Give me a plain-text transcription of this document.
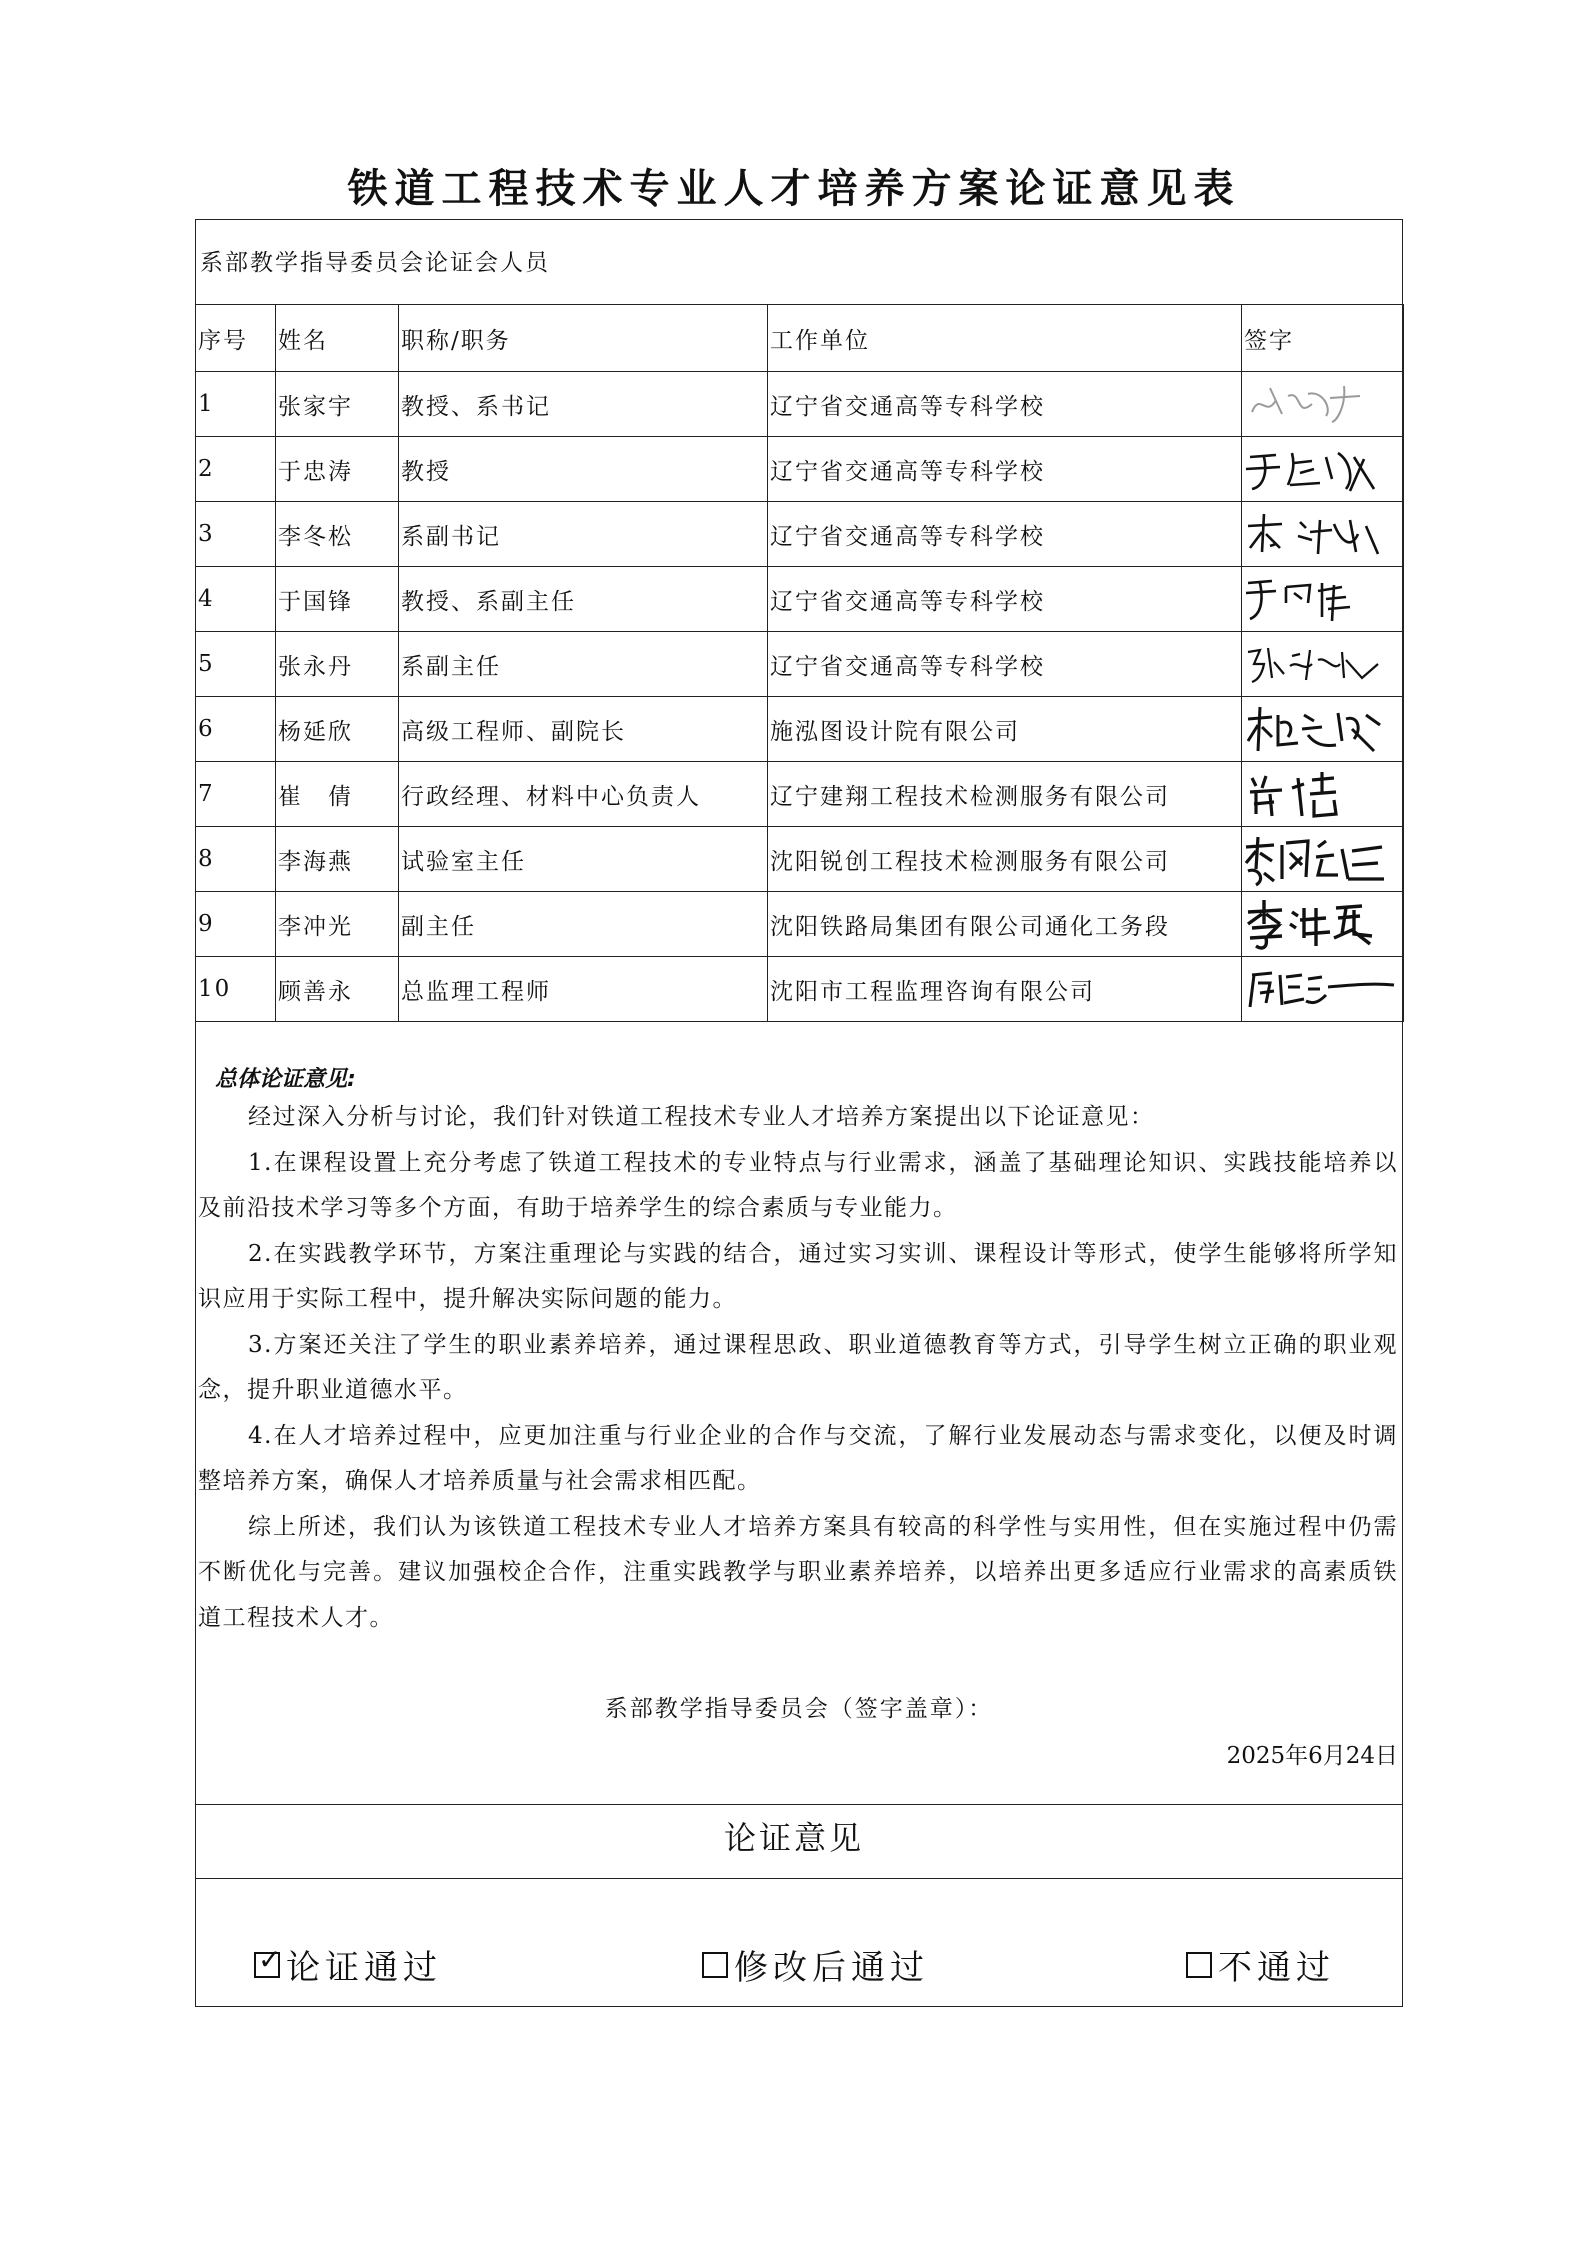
铁道工程技术专业人才培养方案论证意见表
系部教学指导委员会论证会人员
序号	姓名	职称/职务	工作单位	签字
1	张家宇	教授、系书记	辽宁省交通高等专科学校	

2	于忠涛	教授	辽宁省交通高等专科学校	

3	李冬松	系副书记	辽宁省交通高等专科学校	

4	于国锋	教授、系副主任	辽宁省交通高等专科学校	

5	张永丹	系副主任	辽宁省交通高等专科学校	

6	杨延欣	高级工程师、副院长	施泓图设计院有限公司	

7	崔　倩	行政经理、材料中心负责人	辽宁建翔工程技术检测服务有限公司	

8	李海燕	试验室主任	沈阳锐创工程技术检测服务有限公司	

9	李冲光	副主任	沈阳铁路局集团有限公司通化工务段	

10	顾善永	总监理工程师	沈阳市工程监理咨询有限公司	
总体论证意见:

经过深入分析与讨论，我们针对铁道工程技术专业人才培养方案提出以下论证意见：

1.在课程设置上充分考虑了铁道工程技术的专业特点与行业需求，涵盖了基础理论知识、实践技能培养以及前沿技术学习等多个方面，有助于培养学生的综合素质与专业能力。

2.在实践教学环节，方案注重理论与实践的结合，通过实习实训、课程设计等形式，使学生能够将所学知识应用于实际工程中，提升解决实际问题的能力。

3.方案还关注了学生的职业素养培养，通过课程思政、职业道德教育等方式，引导学生树立正确的职业观念，提升职业道德水平。

4.在人才培养过程中，应更加注重与行业企业的合作与交流，了解行业发展动态与需求变化，以便及时调整培养方案，确保人才培养质量与社会需求相匹配。

综上所述，我们认为该铁道工程技术专业人才培养方案具有较高的科学性与实用性，但在实施过程中仍需不断优化与完善。建议加强校企合作，注重实践教学与职业素养培养，以培养出更多适应行业需求的高素质铁道工程技术人才。

系部教学指导委员会（签字盖章）：
2025年6月24日
论证意见
✓ 论证通过	修改后通过	不通过
